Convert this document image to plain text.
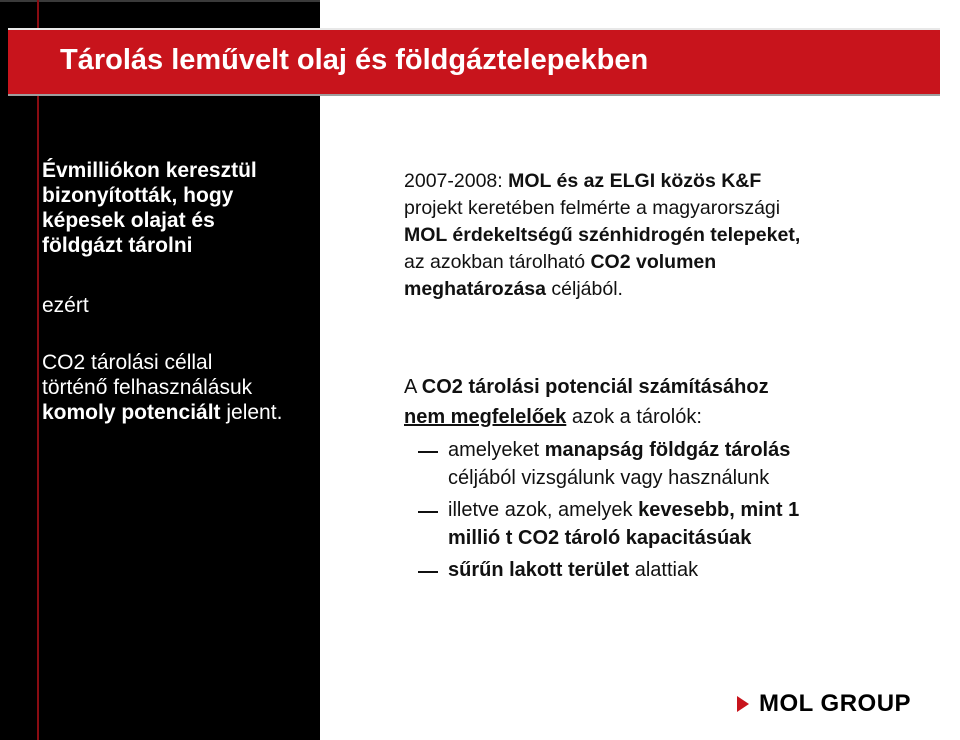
Tárolás leművelt olaj és földgáztelepekben
Évmilliókon keresztül
bizonyították, hogy
képesek olajat és
földgázt tárolni
ezért
CO2 tárolási céllal
történő felhasználásuk
komoly potenciált jelent.
2007-2008: MOL és az ELGI közös K&F
projekt keretében felmérte a magyarországi
MOL érdekeltségű szénhidrogén telepeket,
az azokban tárolható CO2 volumen
meghatározása céljából.
A CO2 tárolási potenciál számításához
nem megfelelőek azok a tárolók:
amelyeket manapság földgáz tárolás
céljából vizsgálunk vagy használunk
illetve azok, amelyek kevesebb, mint 1
millió t CO2 tároló kapacitásúak
sűrűn lakott terület alattiak
MOL GROUP
